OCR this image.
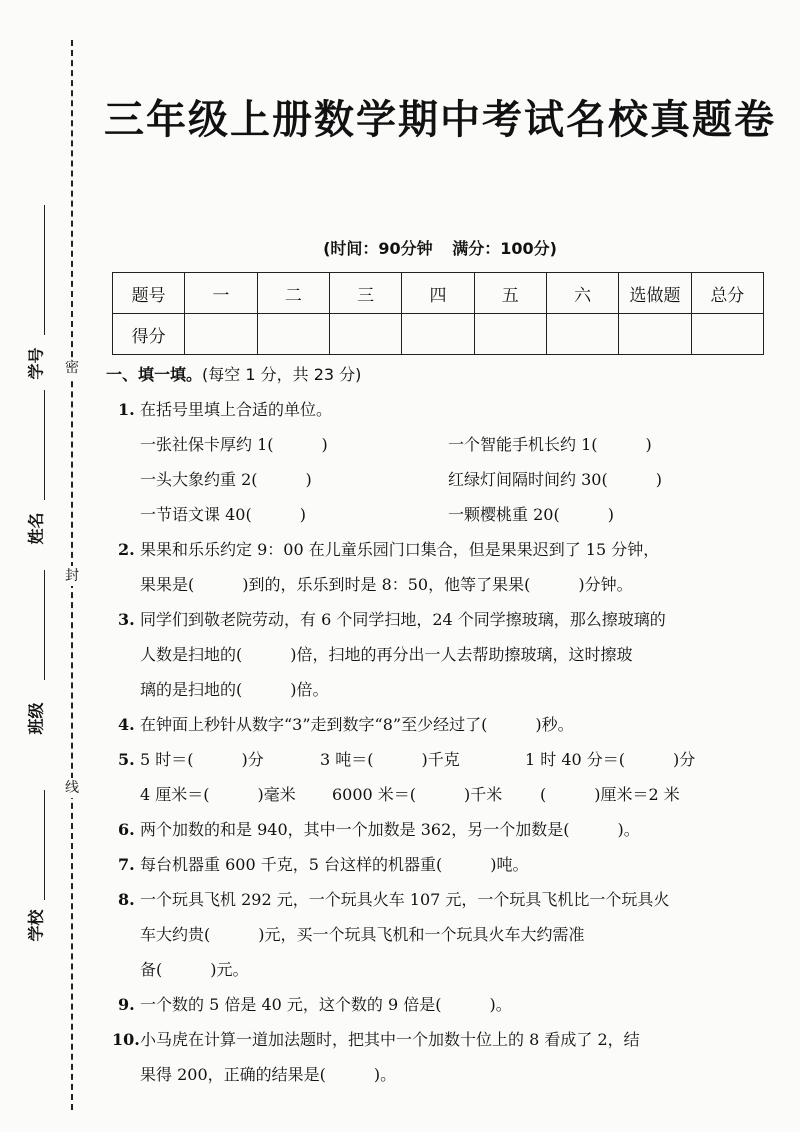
密
封
线
学号
姓名
班级
学校
三年级上册数学期中考试名校真题卷
(时间：90分钟 满分：100分)
题号	一	二	三	四	五	六	选做题	总分
得分								
一、填一填。(每空 1 分，共 23 分)
1. 在括号里填上合适的单位。
一张社保卡厚约 1(　　　)	一个智能手机长约 1(　　　)
一头大象约重 2(　　　)	红绿灯间隔时间约 30(　　　)
一节语文课 40(　　　)	一颗樱桃重 20(　　　)
2. 果果和乐乐约定 9：00 在儿童乐园门口集合，但是果果迟到了 15 分钟，
果果是(　　　)到的，乐乐到时是 8：50，他等了果果(　　　)分钟。
3. 同学们到敬老院劳动，有 6 个同学扫地，24 个同学擦玻璃，那么擦玻璃的
人数是扫地的(　　　)倍，扫地的再分出一人去帮助擦玻璃，这时擦玻
璃的是扫地的(　　　)倍。
4. 在钟面上秒针从数字“3”走到数字“8”至少经过了(　　　)秒。
5. 5 时＝(　　　)分	3 吨＝(　　　)千克	1 时 40 分＝(　　　)分
4 厘米＝(　　　)毫米	6000 米＝(　　　)千米	(　　　)厘米＝2 米
6. 两个加数的和是 940，其中一个加数是 362，另一个加数是(　　　)。
7. 每台机器重 600 千克，5 台这样的机器重(　　　)吨。
8. 一个玩具飞机 292 元，一个玩具火车 107 元，一个玩具飞机比一个玩具火
车大约贵(　　　)元，买一个玩具飞机和一个玩具火车大约需准
备(　　　)元。
9. 一个数的 5 倍是 40 元，这个数的 9 倍是(　　　)。
10. 小马虎在计算一道加法题时，把其中一个加数十位上的 8 看成了 2，结
果得 200，正确的结果是(　　　)。
